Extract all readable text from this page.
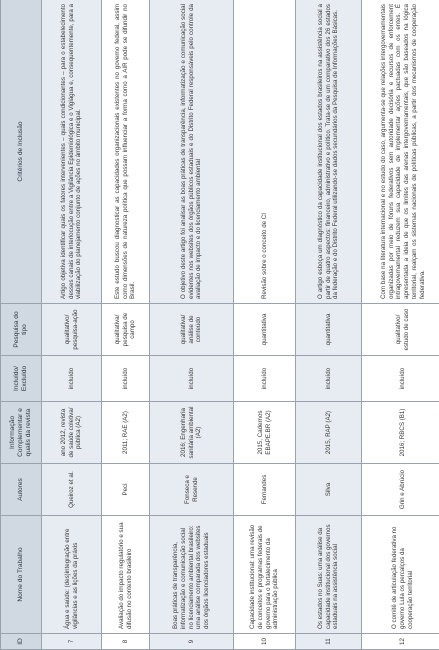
ID	Nome do Trabalho	Autores	Informação Complementar e qualis da revista	Incluído/ Excluído	Pesquisa do tipo	Critérios de Inclusão
7	Água e saúde: (des)integração entre vigilâncias e as lições da práxis	Queiroz et al.	ano 2012, revista de saúde coletiva/ pública (A2)	incluído	qualitativo/ pesquisa-ação	Artigo objetiva identificar quais os fatores intervenientes – quais condicionantes – para o estabelecimento desses canais de interlocução entre a Vigilância Epidemiológica e o Vigiágua e, consequentemente, para a viabilização do planejamento conjunto de ações no âmbito municipal.
8	Avaliação do impacto regulatório e sua difusão no contexto brasileiro	Peci	2011; RAE (A2)	incluído	qualitativa/ pesquisa de campo	Este estudo buscou diagnosticar as capacidades organizacionais existentes no governo federal, assim como dimensões de natureza política que possam influenciar a forma como a AIR pode se difundir no Brasil.
9	Boas práticas de transparência, informatização e comunicação social no licenciamento ambiental brasileiro: uma análise comparada dos websites dos órgãos licenciadores estaduais	Fonseca e Resende	2016; Engenharia sanitária ambiental (A2)	incluído	qualitativa/ análise de conteúdo	O objetivo deste artigo foi analisar as boas práticas de transparência, informatização e comunicação social evidentes nos websites dos órgãos públicos estaduais e do Distrito Federal responsáveis pelo controle da avaliação de impacto e do licenciamento ambiental
10	Capacidade institucional: uma revisão de conceitos e programas federais de governo para o fortalecimento da administração pública	Fernandes	2015, Cadernos EBAPE.BR (A2)	incluído	quantitativa	Revisão sobre o conceito de CI
11	Os estados no Suas: uma análise da capacidade institucional dos governos estaduais na assistência social	Silva	2015, RAP (A2)	incluído	quantitativa	O artigo esboça um diagnóstico da capacidade institucional dos estados brasileiros na assistência social a partir de quatro aspectos: financeiro, administrativo e político. Trata-se de um comparativo dos 26 estados da federação e do Distrito Federal utilizando-se dados secundários da Pesquisa de Informações Básicas.
12	O comitê de articulação federativa no governo Lula os percalços da cooperação territorial	Grin e Abrúcio	2016; RBCS (B1)	incluído	qualitativo/ estudo de caso	Com base na literatura internacional e no estudo do caso, argumenta-se que relações intergovernamentais organizadas por meio de fóruns federativos sem autoridade decisória e recursos de enforcement intragovernamental reduzem sua capacidade de implementar ações pactuadas com os entes. É apresentada a ideia de que os limites das arenas intergovernamentais, que são baseados na lógica territorial, realçam os sistemas nacionais de políticas públicas, a partir dos mecanismos de cooperação federativa.
